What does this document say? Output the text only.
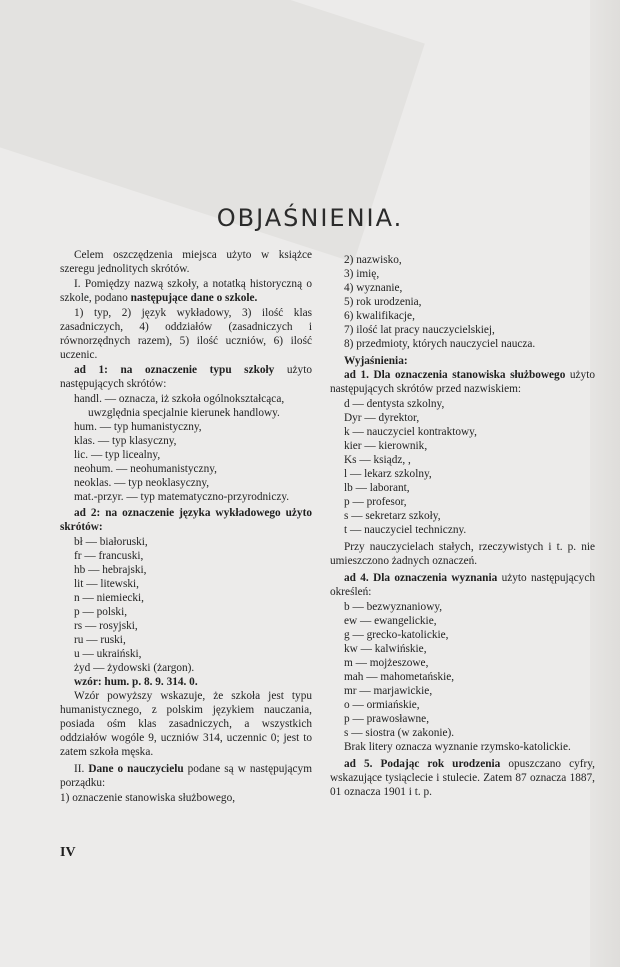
OBJAŚNIENIA.
Celem oszczędzenia miejsca użyto w książce szeregu jednolitych skrótów.
I. Pomiędzy nazwą szkoły, a notatką historyczną o szkole, podano następujące dane o szkole.
1) typ, 2) język wykładowy, 3) ilość klas zasadniczych, 4) oddziałów (zasadniczych i równorzędnych razem), 5) ilość uczniów, 6) ilość uczenic.
ad 1: na oznaczenie typu szkoły użyto następujących skrótów:
handl. — oznacza, iż szkoła ogólnokształcąca, uwzględnia specjalnie kierunek handlowy.
hum. — typ humanistyczny,
klas. — typ klasyczny,
lic. — typ licealny,
neohum. — neohumanistyczny,
neoklas. — typ neoklasyczny,
mat.-przyr. — typ matematyczno-przyrodniczy.
ad 2: na oznaczenie języka wykładowego użyto skrótów:
bł — białoruski,
fr — francuski,
hb — hebrajski,
lit — litewski,
n — niemiecki,
p — polski,
rs — rosyjski,
ru — ruski,
u — ukraiński,
żyd — żydowski (żargon).
wzór: hum. p. 8. 9. 314. 0.
Wzór powyższy wskazuje, że szkoła jest typu humanistycznego, z polskim językiem nauczania, posiada ośm klas zasadniczych, a wszystkich oddziałów wogóle 9, uczniów 314, uczennic 0; jest to zatem szkoła męska.
II. Dane o nauczycielu podane są w następującym porządku:
1) oznaczenie stanowiska służbowego,
2) nazwisko,
3) imię,
4) wyznanie,
5) rok urodzenia,
6) kwalifikacje,
7) ilość lat pracy nauczycielskiej,
8) przedmioty, których nauczyciel naucza.
Wyjaśnienia:
ad 1. Dla oznaczenia stanowiska służbowego użyto następujących skrótów przed nazwiskiem:
d — dentysta szkolny,
Dyr — dyrektor,
k — nauczyciel kontraktowy,
kier — kierownik,
Ks — ksiądz, ,
l — lekarz szkolny,
lb — laborant,
p — profesor,
s — sekretarz szkoły,
t — nauczyciel techniczny.
Przy nauczycielach stałych, rzeczywistych i t. p. nie umieszczono żadnych oznaczeń.
ad 4. Dla oznaczenia wyznania użyto następujących określeń:
b — bezwyznaniowy,
ew — ewangelickie,
g — grecko-katolickie,
kw — kalwińskie,
m — mojżeszowe,
mah — mahometańskie,
mr — marjawickie,
o — ormiańskie,
p — prawosławne,
s — siostra (w zakonie).
Brak litery oznacza wyznanie rzymsko-katolickie.
ad 5. Podając rok urodzenia opuszczano cyfry, wskazujące tysiąclecie i stulecie. Zatem 87 oznacza 1887, 01 oznacza 1901 i t. p.
IV
